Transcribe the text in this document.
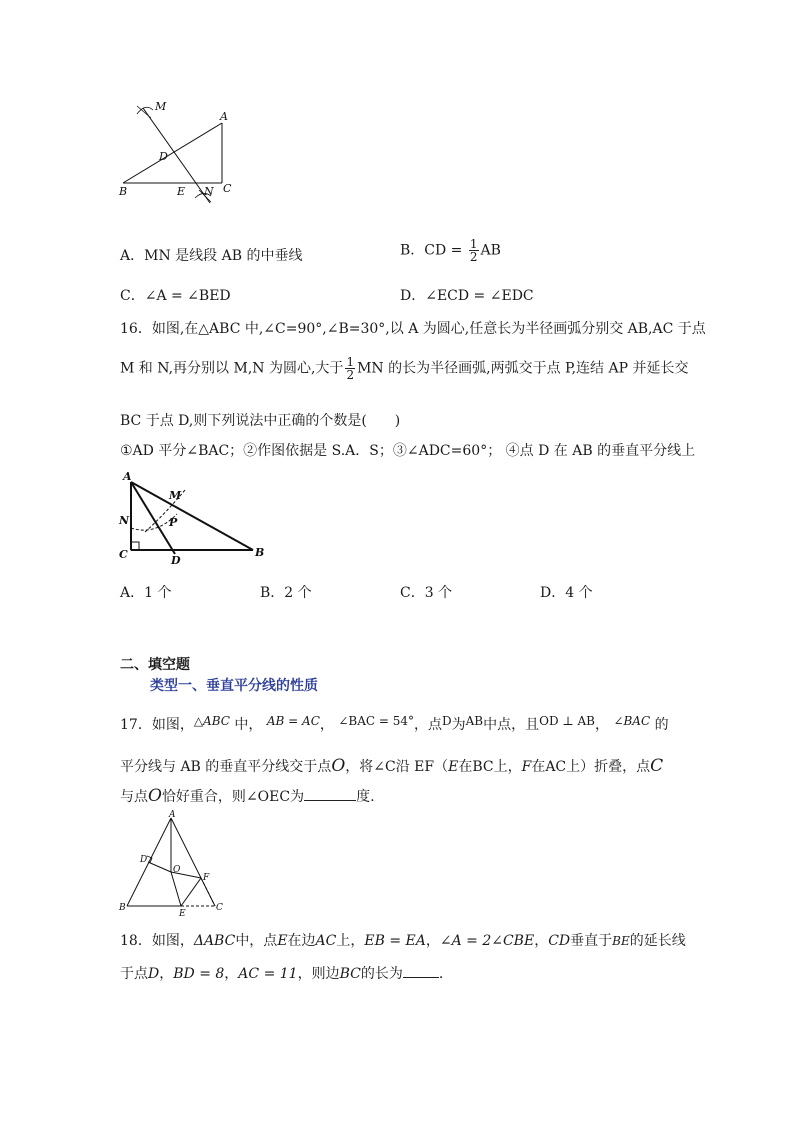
M
A
D
B	E N C
A．MN 是线段 AB 的中垂线	B．CD = $\frac{1}{2}$ AB
C．∠A = ∠BED	D．∠ECD = ∠EDC
16．如图,在△ABC 中,∠C=90°,∠B=30°,以 A 为圆心,任意长为半径画弧分别交 AB,AC 于点
M 和 N,再分别以 M,N 为圆心,大于 $\frac{1}{2}$ MN 的长为半径画弧,两弧交于点 P,连结 AP 并延长交
BC 于点 D,则下列说法中正确的个数是(　　)
①AD 平分∠BAC；②作图依据是 S.A．S；③∠ADC=60°； ④点 D 在 AB 的垂直平分线上
A
M
N	P
C	D
B
A．1 个	B．2 个	C．3 个	D．4 个
二、填空题
类型一、垂直平分线的性质
17．如图，△ABC 中， AB = AC， ∠BAC = 54°，点D为AB中点，且OD ⊥ AB， ∠BAC 的
平分线与 AB 的垂直平分线交于点O，将∠C沿 EF（E在BC上，F在AC上）折叠，点C
与点O恰好重合，则∠OEC为	度.
A
D
O
F
B
E
C
18．如图，ΔABC中，点E在边AC上，EB = EA，∠A = 2∠CBE，CD垂直于BE的延长线
于点D，BD = 8，AC = 11，则边BC的长为	.
